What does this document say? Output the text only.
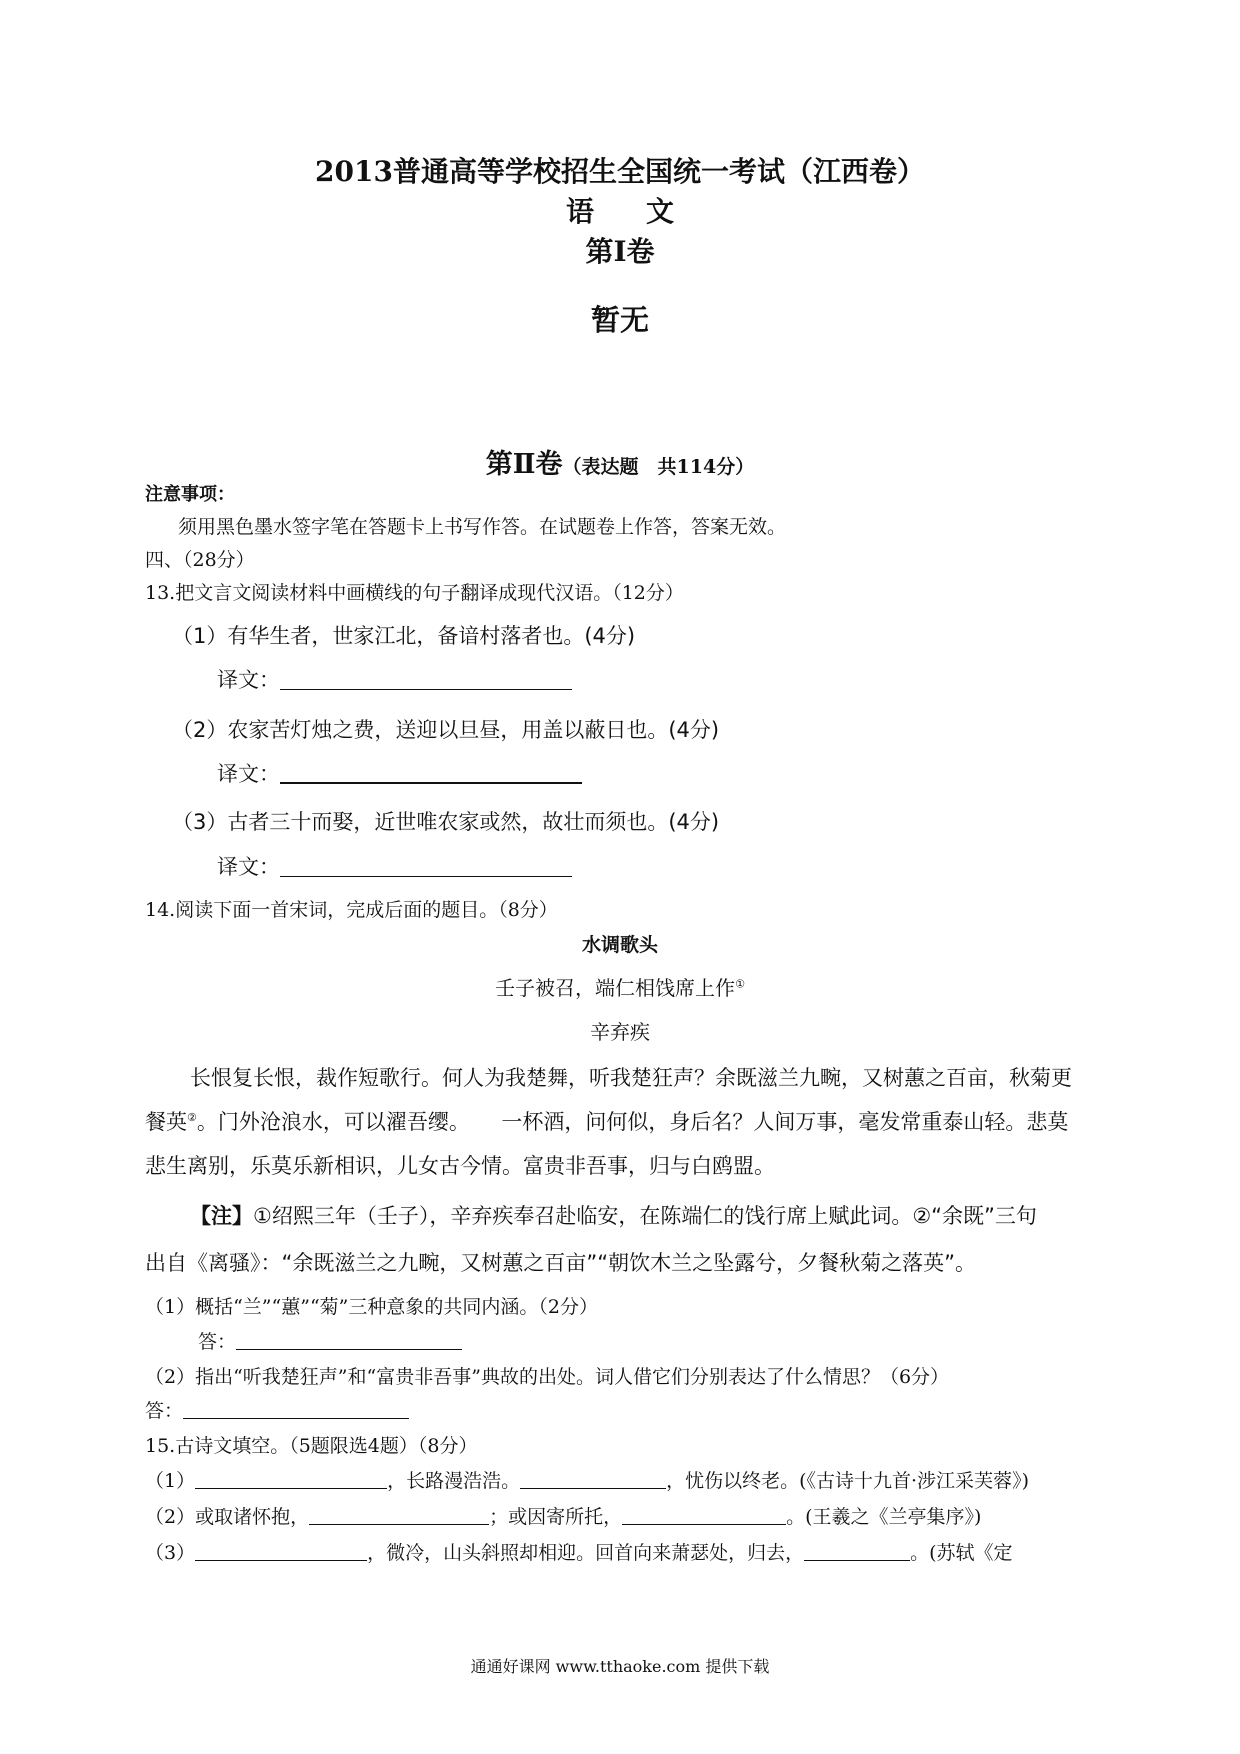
2013普通高等学校招生全国统一考试（江西卷）
语文
第Ⅰ卷
暂无
第Ⅱ卷（表达题　共114分）
注意事项：
须用黑色墨水签字笔在答题卡上书写作答。在试题卷上作答，答案无效。
四、（28分）
13.把文言文阅读材料中画横线的句子翻译成现代汉语。（12分）
（1）有华生者，世家江北，备谙村落者也。(4分)
译文：
（2）农家苦灯烛之费，送迎以旦昼，用盖以蔽日也。(4分)
译文：
（3）古者三十而娶，近世唯农家或然，故壮而须也。(4分)
译文：
14.阅读下面一首宋词，完成后面的题目。（8分）
水调歌头
壬子被召，端仁相饯席上作①
辛弃疾
长恨复长恨，裁作短歌行。何人为我楚舞，听我楚狂声？余既滋兰九畹，又树蕙之百亩，秋菊更
餐英②。门外沧浪水，可以濯吾缨。　　一杯酒，问何似，身后名？人间万事，毫发常重泰山轻。悲莫
悲生离别，乐莫乐新相识，儿女古今情。富贵非吾事，归与白鸥盟。
【注】①绍熙三年（壬子），辛弃疾奉召赴临安，在陈端仁的饯行席上赋此词。②“余既”三句
出自《离骚》：“余既滋兰之九畹，又树蕙之百亩”“朝饮木兰之坠露兮，夕餐秋菊之落英”。
（1）概括“兰”“蕙”“菊”三种意象的共同内涵。（2分）
答：
（2）指出“听我楚狂声”和“富贵非吾事”典故的出处。词人借它们分别表达了什么情思？（6分）
答：
15.古诗文填空。（5题限选4题）（8分）
（1）	，长路漫浩浩。	，忧伤以终老。(《古诗十九首·涉江采芙蓉》)
（2）或取诸怀抱，	；或因寄所托，	。(王羲之《兰亭集序》)
（3）	，微冷，山头斜照却相迎。回首向来萧瑟处，归去，	。(苏轼《定
通通好课网 www.tthaoke.com 提供下载
